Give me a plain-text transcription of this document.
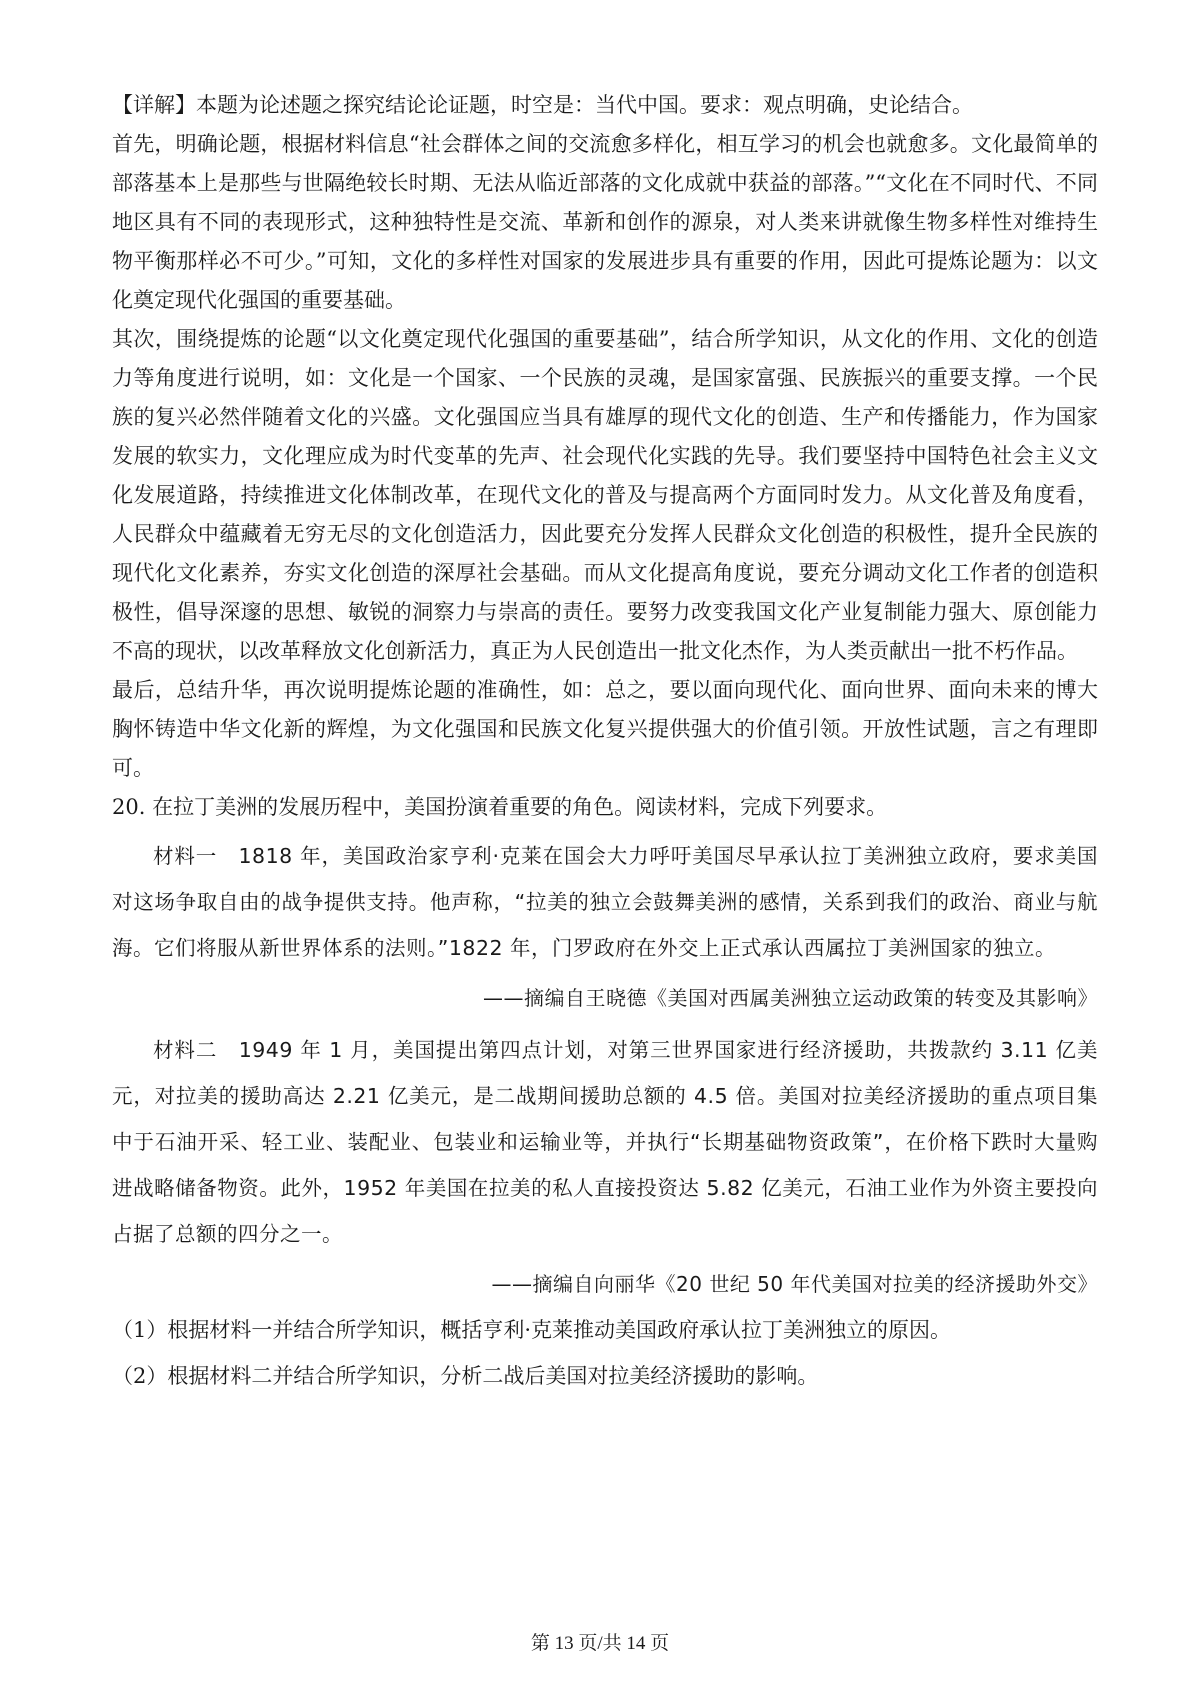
【详解】本题为论述题之探究结论论证题，时空是：当代中国。要求：观点明确，史论结合。

首先，明确论题，根据材料信息“社会群体之间的交流愈多样化，相互学习的机会也就愈多。文化最简单的部落基本上是那些与世隔绝较长时期、无法从临近部落的文化成就中获益的部落。”“文化在不同时代、不同地区具有不同的表现形式，这种独特性是交流、革新和创作的源泉，对人类来讲就像生物多样性对维持生物平衡那样必不可少。”可知，文化的多样性对国家的发展进步具有重要的作用，因此可提炼论题为：以文化奠定现代化强国的重要基础。

其次，围绕提炼的论题“以文化奠定现代化强国的重要基础”，结合所学知识，从文化的作用、文化的创造力等角度进行说明，如：文化是一个国家、一个民族的灵魂，是国家富强、民族振兴的重要支撑。一个民族的复兴必然伴随着文化的兴盛。文化强国应当具有雄厚的现代文化的创造、生产和传播能力，作为国家发展的软实力，文化理应成为时代变革的先声、社会现代化实践的先导。我们要坚持中国特色社会主义文化发展道路，持续推进文化体制改革，在现代文化的普及与提高两个方面同时发力。从文化普及角度看，人民群众中蕴藏着无穷无尽的文化创造活力，因此要充分发挥人民群众文化创造的积极性，提升全民族的现代化文化素养，夯实文化创造的深厚社会基础。而从文化提高角度说，要充分调动文化工作者的创造积极性，倡导深邃的思想、敏锐的洞察力与崇高的责任。要努力改变我国文化产业复制能力强大、原创能力不高的现状，以改革释放文化创新活力，真正为人民创造出一批文化杰作，为人类贡献出一批不朽作品。

最后，总结升华，再次说明提炼论题的准确性，如：总之，要以面向现代化、面向世界、面向未来的博大胸怀铸造中华文化新的辉煌，为文化强国和民族文化复兴提供强大的价值引领。开放性试题，言之有理即可。

20. 在拉丁美洲的发展历程中，美国扮演着重要的角色。阅读材料，完成下列要求。

材料一　1818 年，美国政治家亨利·克莱在国会大力呼吁美国尽早承认拉丁美洲独立政府，要求美国对这场争取自由的战争提供支持。他声称，“拉美的独立会鼓舞美洲的感情，关系到我们的政治、商业与航海。它们将服从新世界体系的法则。”1822 年，门罗政府在外交上正式承认西属拉丁美洲国家的独立。

——摘编自王晓德《美国对西属美洲独立运动政策的转变及其影响》

材料二　1949 年 1 月，美国提出第四点计划，对第三世界国家进行经济援助，共拨款约 3.11 亿美元，对拉美的援助高达 2.21 亿美元，是二战期间援助总额的 4.5 倍。美国对拉美经济援助的重点项目集中于石油开采、轻工业、装配业、包装业和运输业等，并执行“长期基础物资政策”，在价格下跌时大量购进战略储备物资。此外，1952 年美国在拉美的私人直接投资达 5.82 亿美元，石油工业作为外资主要投向占据了总额的四分之一。

——摘编自向丽华《20 世纪 50 年代美国对拉美的经济援助外交》

（1）根据材料一并结合所学知识，概括亨利·克莱推动美国政府承认拉丁美洲独立的原因。

（2）根据材料二并结合所学知识，分析二战后美国对拉美经济援助的影响。

第 13 页/共 14 页
